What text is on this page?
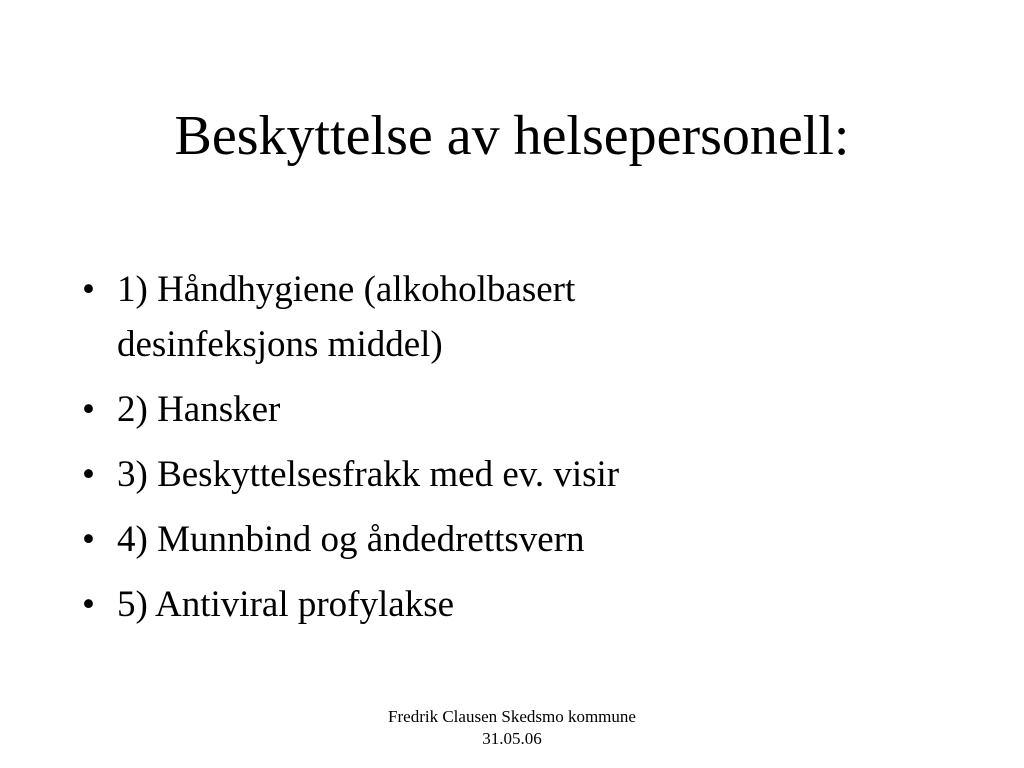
Beskyttelse av helsepersonell:
• 1) Håndhygiene (alkoholbasert desinfeksjons middel)
• 2) Hansker
• 3) Beskyttelsesfrakk med ev. visir
• 4) Munnbind og åndedrettsvern
• 5) Antiviral profylakse
Fredrik Clausen Skedsmo kommune
31.05.06
